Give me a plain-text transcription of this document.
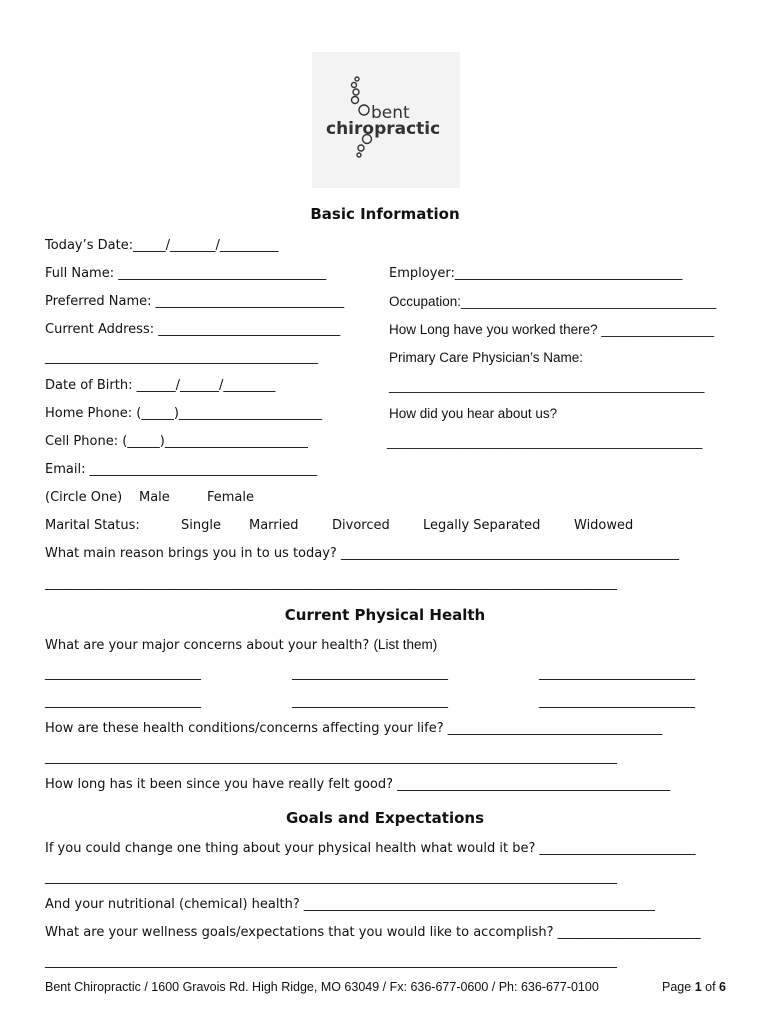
bent
chiropractic
Basic Information
Today’s Date:_____/_______/_________
Full Name: ________________________________
Preferred Name: _____________________________
Current Address: ____________________________
__________________________________________
Date of Birth: ______/______/________
Home Phone: (_____)______________________
Cell Phone: (_____)______________________
Email: ___________________________________
(Circle One) Male	Female
Marital Status:	Single Married	Divorced	Legally Separated	Widowed
Employer:___________________________________
Occupation:__________________________________
How Long have you worked there? _______________
Primary Care Physician’s Name:
__________________________________________
How did you hear about us?
__________________________________________
What main reason brings you in to us today? ____________________________________________________
________________________________________________________________________________________
Current Physical Health
What are your major concerns about your health? (List them)
________________________	________________________	________________________
________________________	________________________	________________________
How are these health conditions/concerns affecting your life? _________________________________
________________________________________________________________________________________
How long has it been since you have really felt good? __________________________________________
Goals and Expectations
If you could change one thing about your physical health what would it be? ________________________
________________________________________________________________________________________
And your nutritional (chemical) health? ______________________________________________________
What are your wellness goals/expectations that you would like to accomplish? ______________________
________________________________________________________________________________________
Bent Chiropractic / 1600 Gravois Rd. High Ridge, MO 63049 / Fx: 636-677-0600 / Ph: 636-677-0100	Page 1 of 6
